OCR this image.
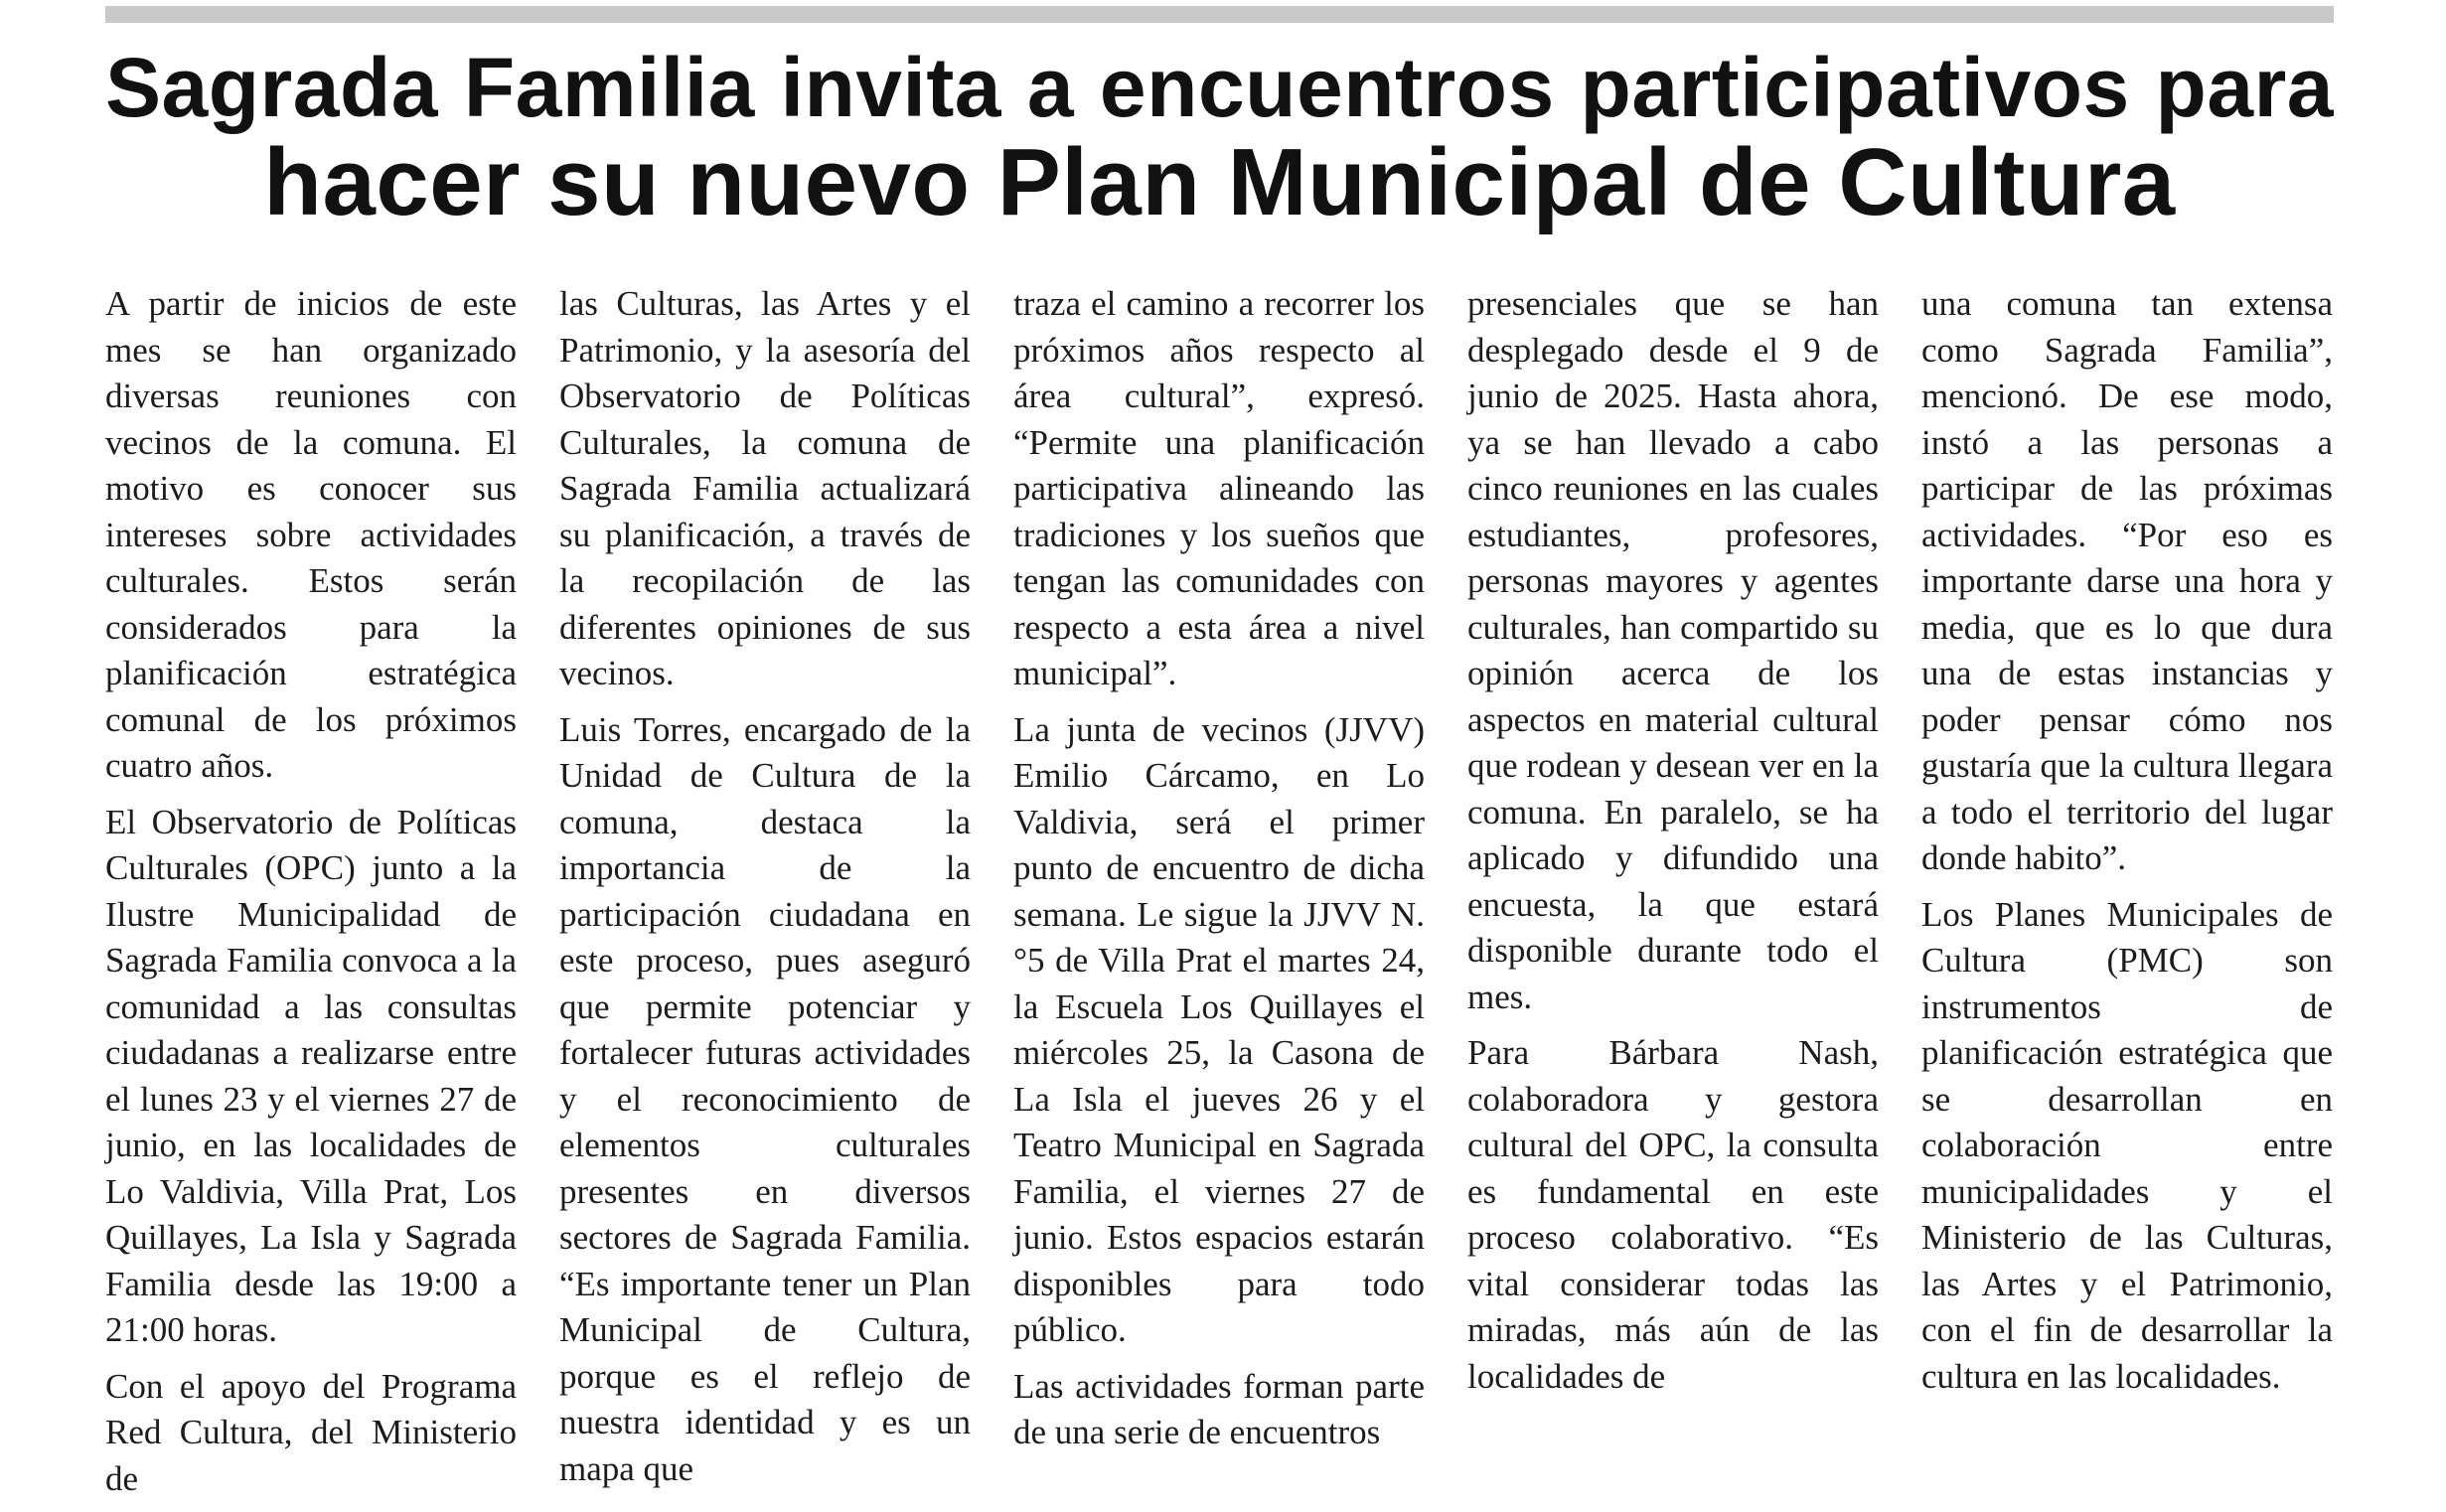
Sagrada Familia invita a encuentros participativos para
hacer su nuevo Plan Municipal de Cultura

A partir de inicios de este mes se han organizado diversas reuniones con vecinos de la comuna. El motivo es conocer sus intereses sobre actividades culturales. Estos serán considerados para la planificación estratégica comunal de los próximos cuatro años.

El Observatorio de Políticas Culturales (OPC) junto a la Ilustre Municipalidad de Sagrada Familia convoca a la comunidad a las consultas ciudadanas a realizarse entre el lunes 23 y el viernes 27 de junio, en las localidades de Lo Valdivia, Villa Prat, Los Quillayes, La Isla y Sagrada Familia desde las 19:00 a 21:00 horas.

Con el apoyo del Programa Red Cultura, del Ministerio de

las Culturas, las Artes y el Patrimonio, y la asesoría del Observatorio de Políticas Culturales, la comuna de Sagrada Familia actualizará su planificación, a través de la recopilación de las diferentes opiniones de sus vecinos.

Luis Torres, encargado de la Unidad de Cultura de la comuna, destaca la importancia de la participación ciudadana en este proceso, pues aseguró que permite potenciar y fortalecer futuras actividades y el reconocimiento de elementos culturales presentes en diversos sectores de Sagrada Familia. “Es importante tener un Plan Municipal de Cultura, porque es el reflejo de nuestra identidad y es un mapa que

traza el camino a recorrer los próximos años respecto al área cultural”, expresó. “Permite una planificación participativa alineando las tradiciones y los sueños que tengan las comunidades con respecto a esta área a nivel municipal”.

La junta de vecinos (JJVV) Emilio Cárcamo, en Lo Valdivia, será el primer punto de encuentro de dicha semana. Le sigue la JJVV N.°5 de Villa Prat el martes 24, la Escuela Los Quillayes el miércoles 25, la Casona de La Isla el jueves 26 y el Teatro Municipal en Sagrada Familia, el viernes 27 de junio. Estos espacios estarán disponibles para todo público.

Las actividades forman parte de una serie de encuentros

presenciales que se han desplegado desde el 9 de junio de 2025. Hasta ahora, ya se han llevado a cabo cinco reuniones en las cuales estudiantes, profesores, personas mayores y agentes culturales, han compartido su opinión acerca de los aspectos en material cultural que rodean y desean ver en la comuna. En paralelo, se ha aplicado y difundido una encuesta, la que estará disponible durante todo el mes.

Para Bárbara Nash, colaboradora y gestora cultural del OPC, la consulta es fundamental en este proceso colaborativo. “Es vital considerar todas las miradas, más aún de las localidades de

una comuna tan extensa como Sagrada Familia”, mencionó. De ese modo, instó a las personas a participar de las próximas actividades. “Por eso es importante darse una hora y media, que es lo que dura una de estas instancias y poder pensar cómo nos gustaría que la cultura llegara a todo el territorio del lugar donde habito”.

Los Planes Municipales de Cultura (PMC) son instrumentos de planificación estratégica que se desarrollan en colaboración entre municipalidades y el Ministerio de las Culturas, las Artes y el Patrimonio, con el fin de desarrollar la cultura en las localidades.
